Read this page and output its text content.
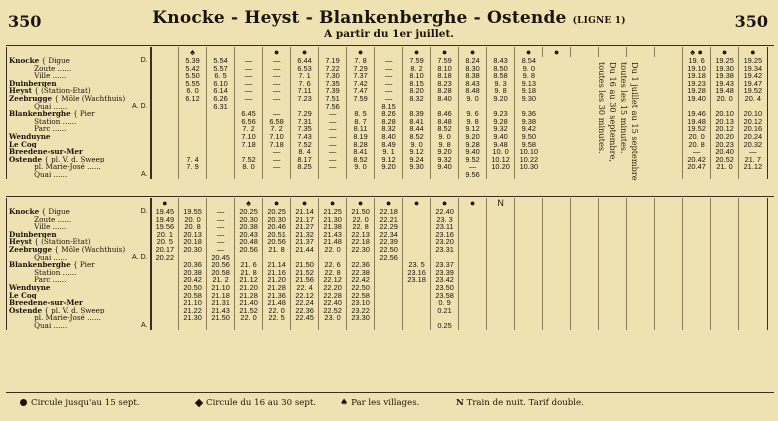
350	Knocke - Heyst - Blankenberghe - Ostende (LIGNE 1)
A partir du 1er juillet.
350
			♠			●	●		●		●	●	●		●	●					♠ ●	●	●
Knocke { Digue	D.		5.39	5.54	—	—	6.44	7.19	7. 8	—	7.59	7.59	8.24	8.43	8.54						19. 6	19.25	19.25
Zoute ......			5.42	5.57	—	—	6.53	7.22	7.29	—	8. 2	8.10	8.30	8.50	9. 0						19.10	19.30	19.34
Ville ......			5.50	6. 5	—	—	7. 1	7.30	7.37	—	8.10	8.18	8.38	8.58	9. 8						19.18	19.38	19.42
Duinbergen			5.55	6.10	—	—	7. 6	7.35	7.42	—	8.15	8.23	8.43	9. 3	9.13						19.23	19.43	19.47
Heyst { (Station-Etat)			6. 0	6.14	—	—	7.11	7.39	7.47	—	8.20	8.28	8.48	9. 8	9.18						19.28	19.48	19.52
Zeebrugge { Môle (Wachthuis)			6.12	6.26	—	—	7.23	7.51	7.59	—	8.32	8.40	9. 0	9.20	9.30						19.40	20. 0	20. 4
Quai ......	A. D.			6.31				7.56		8.15													
Blankenberghe { Pier					6.45	—	7.29	—	8. 5	8.26	8.39	8.46	9. 6	9.23	9.36						19.46	20.10	20.10
Station ......					6.56	6.58	7.31	—	8. 7	8.28	8.41	8.48	9. 8	9.28	9.38						19.48	20.13	20.12
Parc ......					7. 2	7. 2	7.35	—	8.11	8.32	8.44	8.52	9.12	9.32	9.42						19.52	20.12	20.16
Wenduyne					7.10	7.10	7.43	—	8.19	8.40	8.52	9. 0	9.20	9.40	9.50						20. 0	20.20	20.24
Le Coq					7.18	7.18	7.52	—	8.28	8.49	9. 0	9. 8	9.28	9.48	9.58						20. 8	20.23	20.32
Breedene-sur-Mer						—	8. 4	—	8.41	9. 1	9.12	9.20	9.40	10. 0	10.10						—	20.40	—
Ostende { pl. V. d. Sweep			7. 4		7.52	—	8.17	—	8.52	9.12	9.24	9.32	9.52	10.12	10.22						20.42	20.52	21. 7
pl. Marie-José ......			7. 9		8. 0	—	8.25	—	9. 0	9.20	9.30	9.40	—	10.20	10.30						20.47	21. 0	21.12
Quai ......	A.												9.56										
		●			♠	●	●	●	●	●	●	●	●	N									
Knocke { Digue	D.	19.45	19.55	—	20.25	20.25	21.14	21.25	21.50	22.18		22.40											
Zoute ......		19.49	20. 0	—	20.30	20.30	21.17	21.30	22. 0	22.21		23. 3											
Ville ......		19.56	20. 8	—	20.38	20.46	21.27	21.38	22. 8	22.29		23.11											
Duinbergen		20. 1	20.13	—	20.43	20.51	21.32	21.43	22.13	22.34		23.16											
Heyst { (Station-Etat)		20. 5	20.18	—	20.48	20.56	21.37	21.48	22.18	22.39		23.20											
Zeebrugge { Môle (Wachthuis)		20.17	20.30	—	20.56	21. 8	21.44	22. 0	22.30	22.50		23.31											
Quai ......	A. D.	20.22		20.45						22.56													
Blankenberghe { Pier			20.36	20.56	21. 6	21.14	21.50	22. 6	22.36		23. 5	23.37											
Station ......			20.38	20.58	21. 8	21.16	21.52	22. 8	22.38		23.16	23.39											
Parc ......			20.42	21. 2	21.12	21.20	21.56	22.12	22.42		23.18	23.42											
Wenduyne			20.50	21.10	21.20	21.28	22. 4	22.20	22.50			23.50											
Le Coq			20.58	21.18	21.28	21.36	22.12	22.28	22.58			23.58											
Breedene-sur-Mer			21.10	21.31	21.40	21.48	22.24	22.40	23.10			0. 9											
Ostende { pl. V. d. Sweep			21.22	21.43	21.52	22. 0	22.36	22.52	23.22			0.21											
pl. Marie-José ......			21.30	21.50	22. 0	22. 5	22.45	23. 0	23.30														
Quai ......	A.											0.25											
Du 1 juillet au 15 septembre toutes les 15 minutes.
Du 16 au 30 septembre, toutes les 30 minutes.
Circule jusqu'au 15 sept.	Circule du 16 au 30 sept.	♠ Par les villages.	N Train de nuit. Tarif double.
